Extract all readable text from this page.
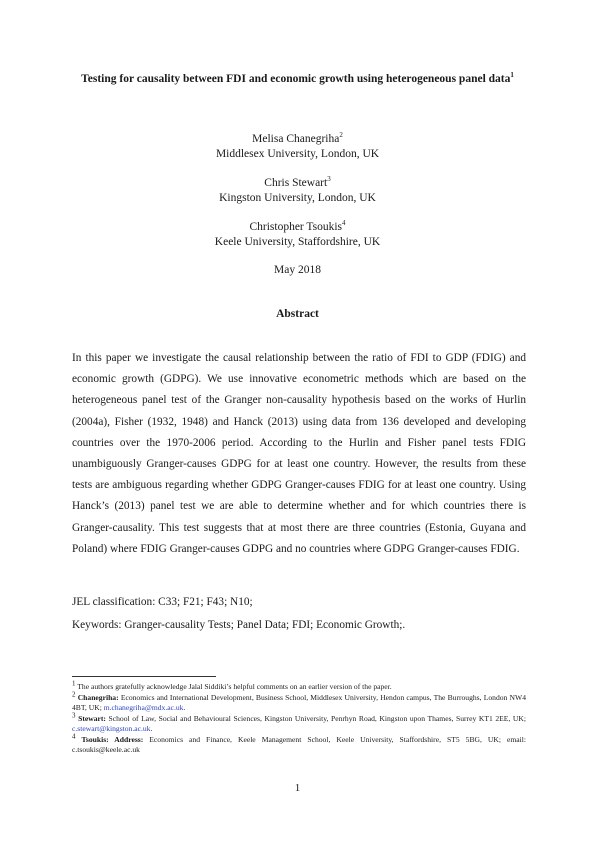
Testing for causality between FDI and economic growth using heterogeneous panel data$^1$
Melisa Chanegriha$^2$
Middlesex University, London, UK
Chris Stewart$^3$
Kingston University, London, UK
Christopher Tsoukis$^4$
Keele University, Staffordshire, UK
May 2018
Abstract
In this paper we investigate the causal relationship between the ratio of FDI to GDP (FDIG) and economic growth (GDPG). We use innovative econometric methods which are based on the heterogeneous panel test of the Granger non-causality hypothesis based on the works of Hurlin (2004a), Fisher (1932, 1948) and Hanck (2013) using data from 136 developed and developing countries over the 1970-2006 period. According to the Hurlin and Fisher panel tests FDIG unambiguously Granger-causes GDPG for at least one country. However, the results from these tests are ambiguous regarding whether GDPG Granger-causes FDIG for at least one country. Using Hanck’s (2013) panel test we are able to determine whether and for which countries there is Granger-causality. This test suggests that at most there are three countries (Estonia, Guyana and Poland) where FDIG Granger-causes GDPG and no countries where GDPG Granger-causes FDIG.
JEL classification: C33; F21; F43; N10;
Keywords: Granger-causality Tests; Panel Data; FDI; Economic Growth;.
$^1$ The authors gratefully acknowledge Jalal Siddiki’s helpful comments on an earlier version of the paper.
$^2$ Chanegriha: Economics and International Development, Business School, Middlesex University, Hendon campus, The Burroughs, London NW4 4BT, UK; m.chanegriha@mdx.ac.uk.
$^3$ Stewart: School of Law, Social and Behavioural Sciences, Kingston University, Penrhyn Road, Kingston upon Thames, Surrey KT1 2EE, UK; c.stewart@kingston.ac.uk.
$^4$ Tsoukis: Address: Economics and Finance, Keele Management School, Keele University, Staffordshire, ST5 5BG, UK; email: c.tsoukis@keele.ac.uk
1
